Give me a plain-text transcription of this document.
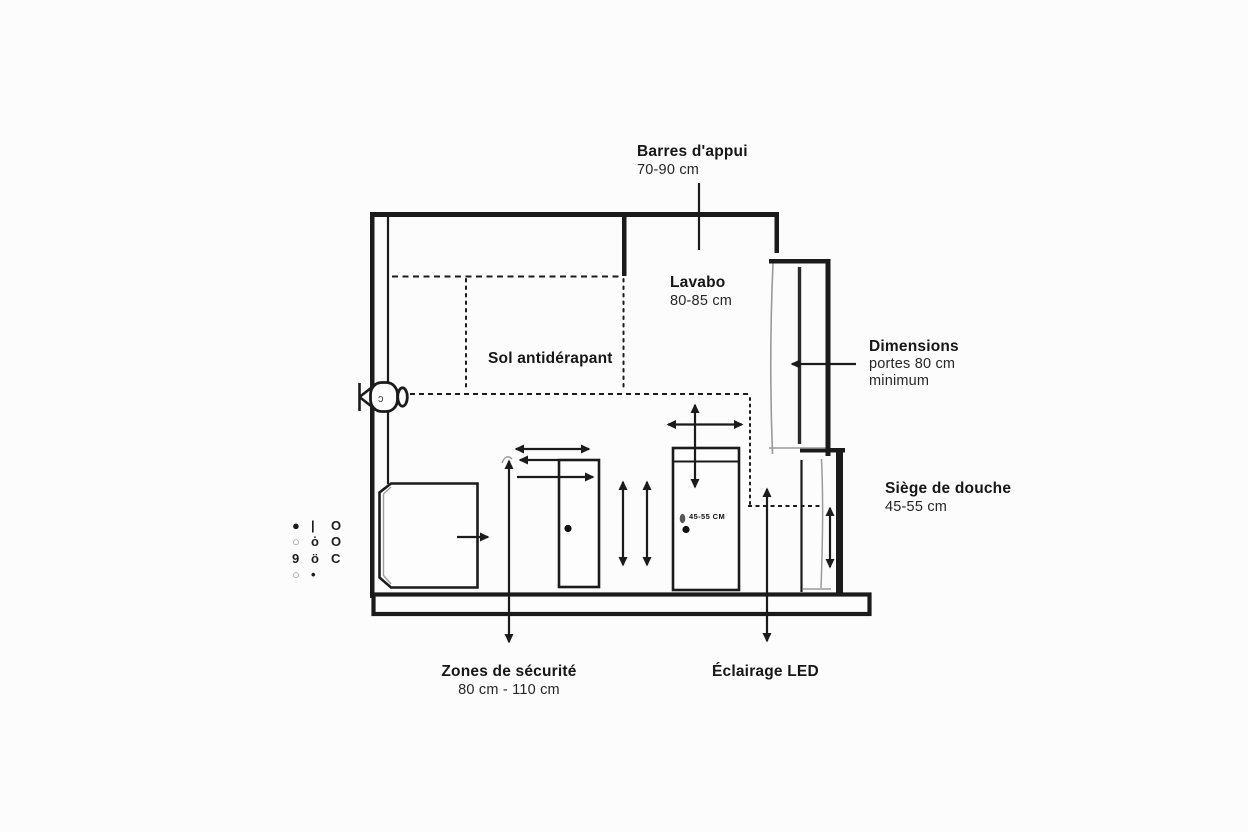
ɔ
Barres d'appui
70-90 cm
Lavabo
80-85 cm
Dimensions
portes 80 cm
minimum
Siège de douche
45-55 cm
Sol antidérapant
Zones de sécurité
80 cm - 110 cm
Éclairage LED
45-55 CM
● |	O
○ ȯ O
9 ö C
○ •
